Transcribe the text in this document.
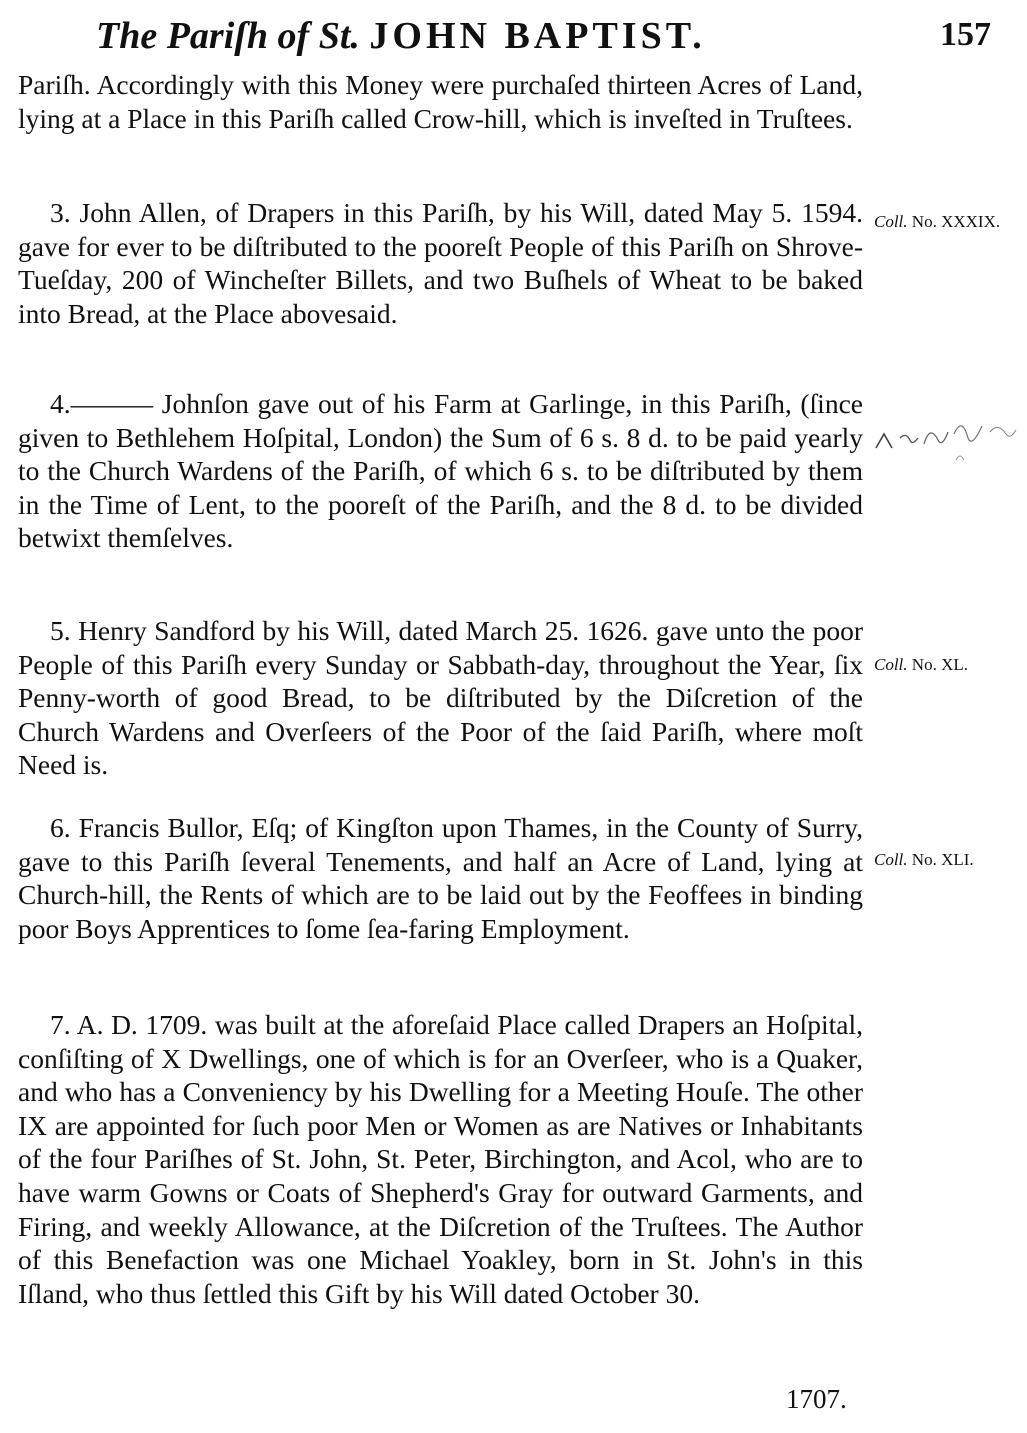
The Pariſh of St. JOHN BAPTIST.	157

Pariſh. Accordingly with this Money were purchaſed thirteen Acres of Land, lying at a Place in this Pariſh called Crow-hill, which is inveſted in Truſtees.

3. John Allen, of Drapers in this Pariſh, by his Will, dated May 5. 1594. gave for ever to be diſtributed to the pooreſt People of this Pariſh on Shrove-Tueſday, 200 of Wincheſter Billets, and two Buſhels of Wheat to be baked into Bread, at the Place abovesaid.

4.——— Johnſon gave out of his Farm at Garlinge, in this Pariſh, (ſince given to Bethlehem Hoſpital, London) the Sum of 6 s. 8 d. to be paid yearly to the Church Wardens of the Pariſh, of which 6 s. to be diſtributed by them in the Time of Lent, to the pooreſt of the Pariſh, and the 8 d. to be divided betwixt themſelves.

5. Henry Sandford by his Will, dated March 25. 1626. gave unto the poor People of this Pariſh every Sunday or Sabbath-day, throughout the Year, ſix Penny-worth of good Bread, to be diſtributed by the Diſcretion of the Church Wardens and Overſeers of the Poor of the ſaid Pariſh, where moſt Need is.

6. Francis Bullor, Eſq; of Kingſton upon Thames, in the County of Surry, gave to this Pariſh ſeveral Tenements, and half an Acre of Land, lying at Church-hill, the Rents of which are to be laid out by the Feoffees in binding poor Boys Apprentices to ſome ſea-faring Employment.

7. A. D. 1709. was built at the aforeſaid Place called Drapers an Hoſpital, conſiſting of X Dwellings, one of which is for an Overſeer, who is a Quaker, and who has a Conveniency by his Dwelling for a Meeting Houſe. The other IX are appointed for ſuch poor Men or Women as are Natives or Inhabitants of the four Pariſhes of St. John, St. Peter, Birchington, and Acol, who are to have warm Gowns or Coats of Shepherd's Gray for outward Garments, and Firing, and weekly Allowance, at the Diſcretion of the Truſtees. The Author of this Benefaction was one Michael Yoakley, born in St. John's in this Iſland, who thus ſettled this Gift by his Will dated October 30.

Coll. No. XXXIX.
Coll. No. XL.
Coll. No. XLI.
1707.
